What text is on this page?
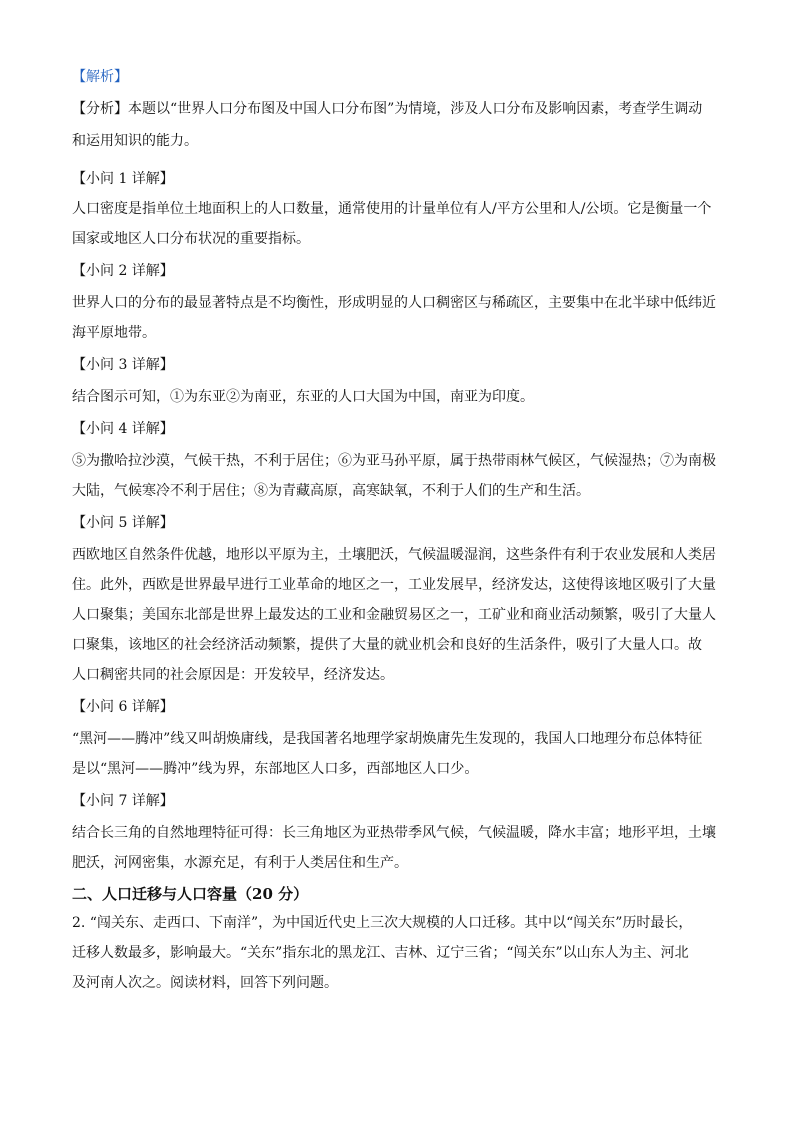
【解析】
【分析】本题以“世界人口分布图及中国人口分布图”为情境，涉及人口分布及影响因素，考查学生调动
和运用知识的能力。
【小问 1 详解】
人口密度是指单位土地面积上的人口数量，通常使用的计量单位有人/平方公里和人/公顷。它是衡量一个
国家或地区人口分布状况的重要指标。
【小问 2 详解】
世界人口的分布的最显著特点是不均衡性，形成明显的人口稠密区与稀疏区，主要集中在北半球中低纬近
海平原地带。
【小问 3 详解】
结合图示可知，①为东亚②为南亚，东亚的人口大国为中国，南亚为印度。
【小问 4 详解】
⑤为撒哈拉沙漠，气候干热，不利于居住；⑥为亚马孙平原，属于热带雨林气候区，气候湿热；⑦为南极
大陆，气候寒冷不利于居住；⑧为青藏高原，高寒缺氧，不利于人们的生产和生活。
【小问 5 详解】
西欧地区自然条件优越，地形以平原为主，土壤肥沃，气候温暖湿润，这些条件有利于农业发展和人类居
住。此外，西欧是世界最早进行工业革命的地区之一，工业发展早，经济发达，这使得该地区吸引了大量
人口聚集；美国东北部是世界上最发达的工业和金融贸易区之一，工矿业和商业活动频繁，吸引了大量人
口聚集，该地区的社会经济活动频繁，提供了大量的就业机会和良好的生活条件，吸引了大量人口。故
人口稠密共同的社会原因是：开发较早，经济发达。
【小问 6 详解】
“黑河——腾冲”线又叫胡焕庸线，是我国著名地理学家胡焕庸先生发现的，我国人口地理分布总体特征
是以“黑河——腾冲”线为界，东部地区人口多，西部地区人口少。
【小问 7 详解】
结合长三角的自然地理特征可得：长三角地区为亚热带季风气候，气候温暖，降水丰富；地形平坦，土壤
肥沃，河网密集，水源充足，有利于人类居住和生产。
二、人口迁移与人口容量（20 分）
2. “闯关东、走西口、下南洋”，为中国近代史上三次大规模的人口迁移。其中以“闯关东”历时最长，
迁移人数最多，影响最大。“关东”指东北的黑龙江、吉林、辽宁三省；“闯关东”以山东人为主、河北
及河南人次之。阅读材料，回答下列问题。
